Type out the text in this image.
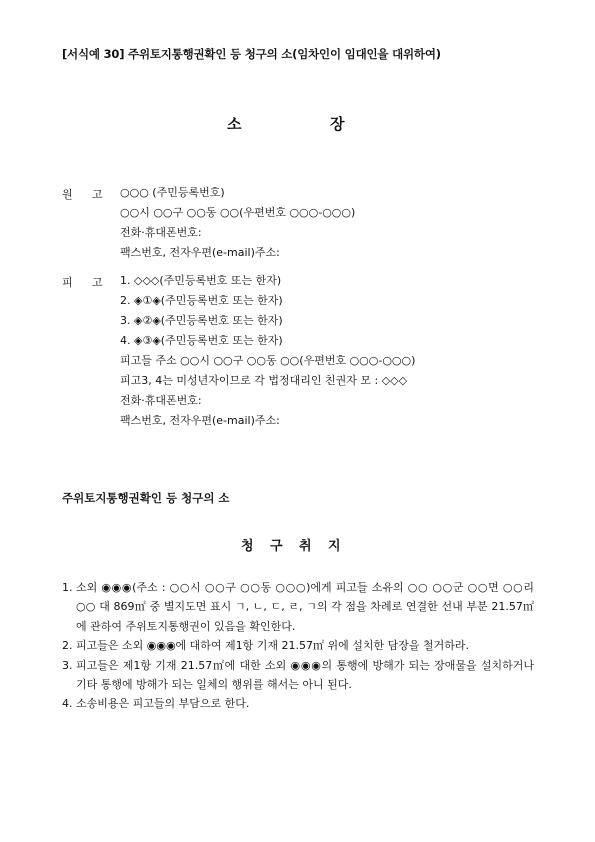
[서식예 30] 주위토지통행권확인 등 청구의 소(임차인이 임대인을 대위하여)
소	장
원 고 ○○○ (주민등록번호)
○○시 ○○구 ○○동 ○○(우편번호 ○○○-○○○)
전화·휴대폰번호:
팩스번호, 전자우편(e-mail)주소:
피 고 1. ◇◇◇(주민등록번호 또는 한자)
2. ◈①◈(주민등록번호 또는 한자)
3. ◈②◈(주민등록번호 또는 한자)
4. ◈③◈(주민등록번호 또는 한자)
피고들 주소 ○○시 ○○구 ○○동 ○○(우편번호 ○○○-○○○)
피고3, 4는 미성년자이므로 각 법정대리인 친권자 모 : ◇◇◇
전화·휴대폰번호:
팩스번호, 전자우편(e-mail)주소:
주위토지통행권확인 등 청구의 소
청 구 취 지
1. 소외 ◉◉◉(주소 : ○○시 ○○구 ○○동 ○○○)에게 피고들 소유의 ○○ ○○군 ○○면 ○○리 ○○ 대 869㎡ 중 별지도면 표시 ㄱ, ㄴ, ㄷ, ㄹ, ㄱ의 각 점을 차례로 연결한 선내 부분 21.57㎡에 관하여 주위토지통행권이 있음을 확인한다.
2. 피고들은 소외 ◉◉◉에 대하여 제1항 기재 21.57㎡ 위에 설치한 담장을 철거하라.
3. 피고들은 제1항 기재 21.57㎡에 대한 소외 ◉◉◉의 통행에 방해가 되는 장애물을 설치하거나 기타 통행에 방해가 되는 일체의 행위를 해서는 아니 된다.
4. 소송비용은 피고들의 부담으로 한다.
